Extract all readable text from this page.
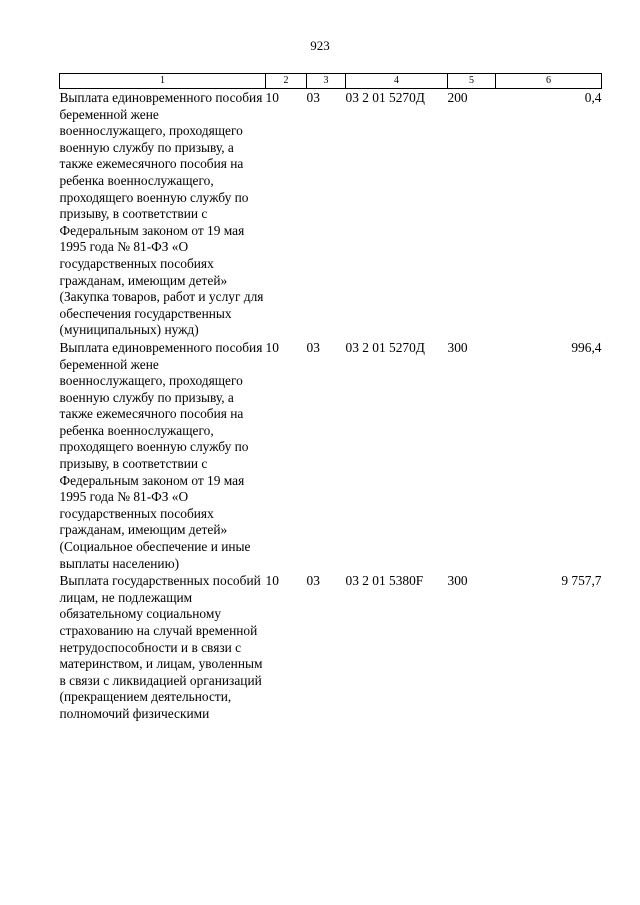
923
1	2	3	4	5	6
Выплата единовременного пособия беременной жене военнослужащего, проходящего военную службу по призыву, а также ежемесячного пособия на ребенка военнослужащего, проходящего военную службу по призыву, в соответствии с Федеральным законом от 19 мая 1995 года № 81-ФЗ «О государственных пособиях гражданам, имеющим детей» (Закупка товаров, работ и услуг для обеспечения государственных (муниципальных) нужд)	10	03	03 2 01 5270Д	200	0,4
Выплата единовременного пособия беременной жене военнослужащего, проходящего военную службу по призыву, а также ежемесячного пособия на ребенка военнослужащего, проходящего военную службу по призыву, в соответствии с Федеральным законом от 19 мая 1995 года № 81-ФЗ «О государственных пособиях гражданам, имеющим детей» (Социальное обеспечение и иные выплаты населению)	10	03	03 2 01 5270Д	300	996,4
Выплата государственных пособий лицам, не подлежащим обязательному социальному страхованию на случай временной нетрудоспособности и в связи с материнством, и лицам, уволенным в связи с ликвидацией организаций (прекращением деятельности, полномочий физическими	10	03	03 2 01 5380F	300	9 757,7
